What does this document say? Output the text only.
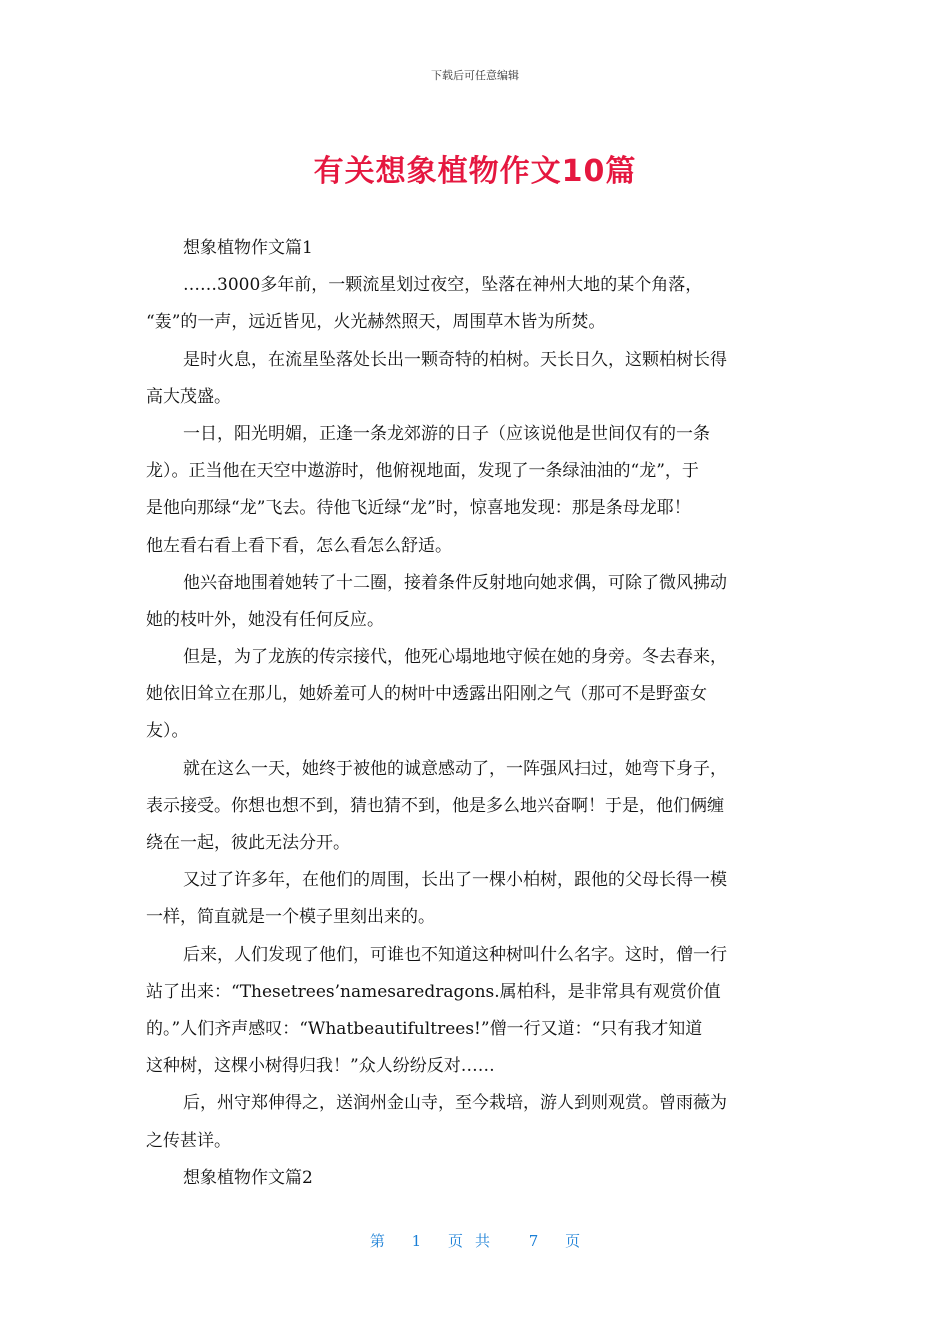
下载后可任意编辑
有关想象植物作文10篇
想象植物作文篇1
……3000多年前，一颗流星划过夜空，坠落在神州大地的某个角落，
“轰”的一声，远近皆见，火光赫然照天，周围草木皆为所焚。
是时火息，在流星坠落处长出一颗奇特的柏树。天长日久，这颗柏树长得
高大茂盛。
一日，阳光明媚，正逢一条龙郊游的日子（应该说他是世间仅有的一条
龙）。正当他在天空中遨游时，他俯视地面，发现了一条绿油油的“龙”，于
是他向那绿“龙”飞去。待他飞近绿“龙”时，惊喜地发现：那是条母龙耶！
他左看右看上看下看，怎么看怎么舒适。
他兴奋地围着她转了十二圈，接着条件反射地向她求偶，可除了微风拂动
她的枝叶外，她没有任何反应。
但是，为了龙族的传宗接代，他死心塌地地守候在她的身旁。冬去春来，
她依旧耸立在那儿，她娇羞可人的树叶中透露出阳刚之气（那可不是野蛮女
友）。
就在这么一天，她终于被他的诚意感动了，一阵强风扫过，她弯下身子，
表示接受。你想也想不到，猜也猜不到，他是多么地兴奋啊！于是，他们俩缠
绕在一起，彼此无法分开。
又过了许多年，在他们的周围，长出了一棵小柏树，跟他的父母长得一模
一样，简直就是一个模子里刻出来的。
后来，人们发现了他们，可谁也不知道这种树叫什么名字。这时，僧一行
站了出来：“Thesetrees’namesaredragons.属柏科，是非常具有观赏价值
的。”人们齐声感叹：“Whatbeautifultrees!”僧一行又道：“只有我才知道
这种树，这棵小树得归我！”众人纷纷反对……
后，州守郑伸得之，送润州金山寺，至今栽培，游人到则观赏。曾雨薇为
之传甚详。
想象植物作文篇2
第 1 页共 7 页
